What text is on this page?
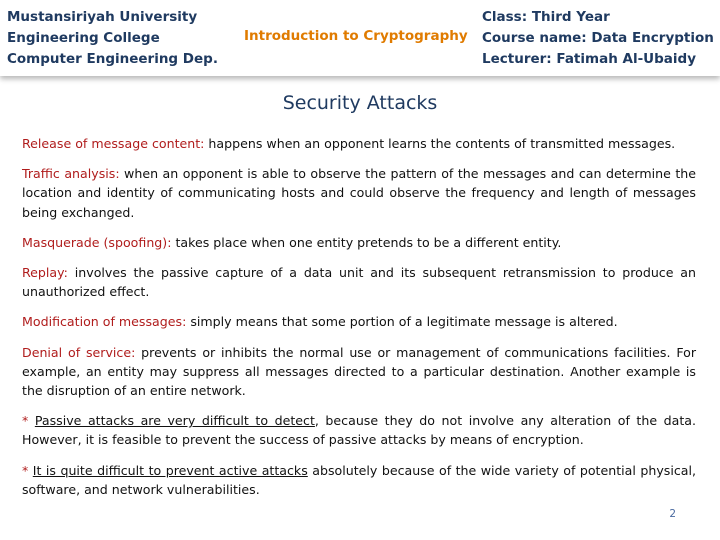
Mustansiriyah University
Engineering College
Computer Engineering Dep.
Introduction to Cryptography
Class: Third Year
Course name: Data Encryption
Lecturer: Fatimah Al-Ubaidy
Security Attacks

Release of message content: happens when an opponent learns the contents of transmitted messages.

Traffic analysis: when an opponent is able to observe the pattern of the messages and can determine the location and identity of communicating hosts and could observe the frequency and length of messages being exchanged.

Masquerade (spoofing): takes place when one entity pretends to be a different entity.

Replay: involves the passive capture of a data unit and its subsequent retransmission to produce an unauthorized effect.

Modification of messages: simply means that some portion of a legitimate message is altered.

Denial of service: prevents or inhibits the normal use or management of communications facilities. For example, an entity may suppress all messages directed to a particular destination. Another example is the disruption of an entire network.

* Passive attacks are very difficult to detect, because they do not involve any alteration of the data. However, it is feasible to prevent the success of passive attacks by means of encryption.

* It is quite difficult to prevent active attacks absolutely because of the wide variety of potential physical, software, and network vulnerabilities.

2
